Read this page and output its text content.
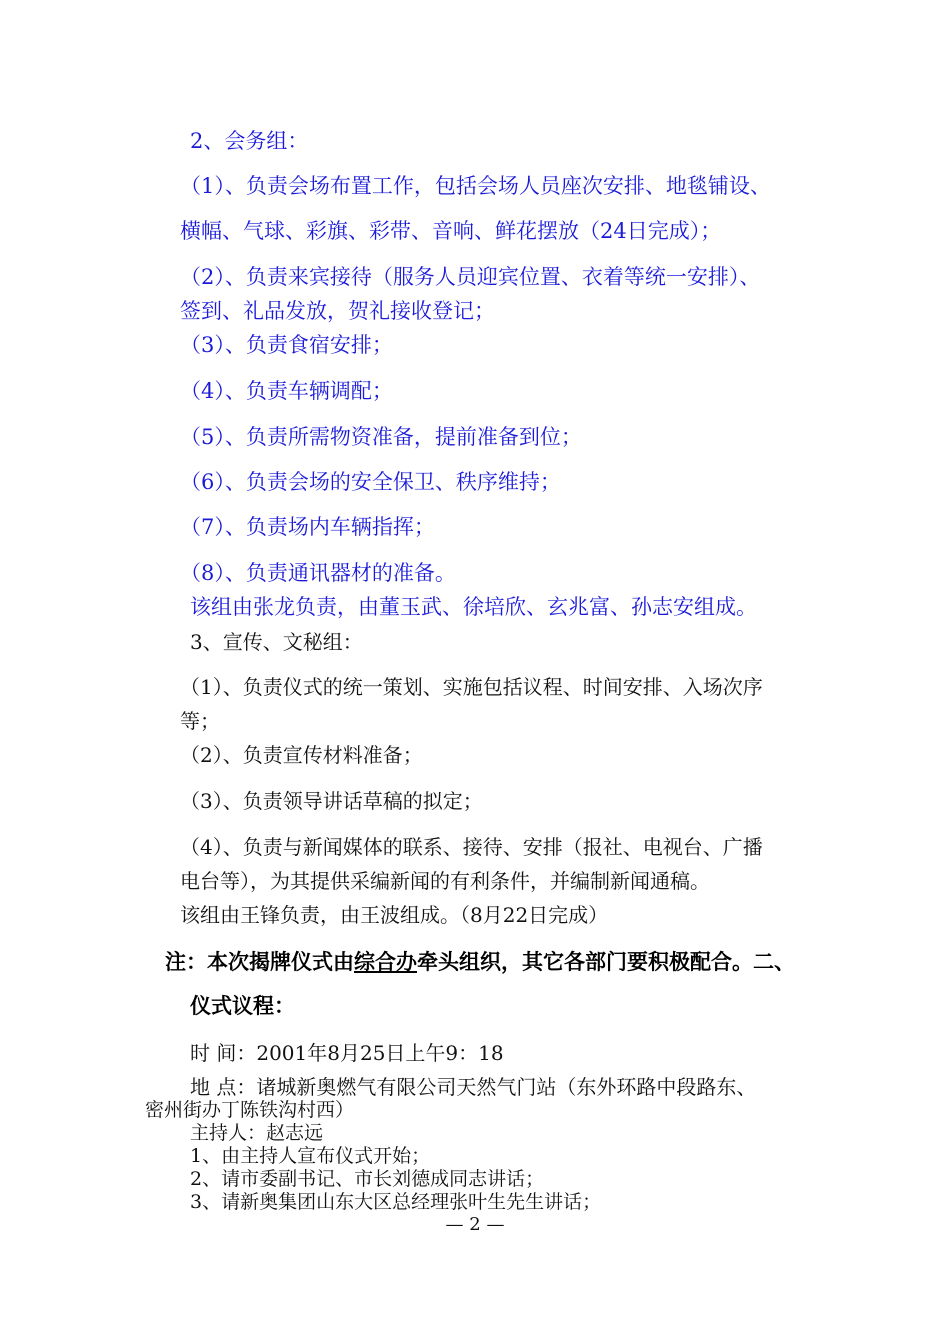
2、会务组：

（1）、负责会场布置工作，包括会场人员座次安排、地毯铺设、

横幅、气球、彩旗、彩带、音响、鲜花摆放（24日完成）；

（2）、负责来宾接待（服务人员迎宾位置、衣着等统一安排）、

签到、礼品发放，贺礼接收登记；

（3）、负责食宿安排；

（4）、负责车辆调配；

（5）、负责所需物资准备，提前准备到位；

（6）、负责会场的安全保卫、秩序维持；

（7）、负责场内车辆指挥；

（8）、负责通讯器材的准备。

该组由张龙负责，由董玉武、徐培欣、玄兆富、孙志安组成。

3、宣传、文秘组：

（1）、负责仪式的统一策划、实施包括议程、时间安排、入场次序

等；

（2）、负责宣传材料准备；

（3）、负责领导讲话草稿的拟定；

（4）、负责与新闻媒体的联系、接待、安排（报社、电视台、广播

电台等），为其提供采编新闻的有利条件，并编制新闻通稿。

该组由王锋负责，由王波组成。（8月22日完成）

注：本次揭牌仪式由综合办牵头组织，其它各部门要积极配合。二、

仪式议程：

时 间：2001年8月25日上午9：18

地 点：诸城新奥燃气有限公司天然气门站（东外环路中段路东、

密州街办丁陈铁沟村西）

主持人：赵志远

1、由主持人宣布仪式开始；

2、请市委副书记、市长刘德成同志讲话；

3、请新奥集团山东大区总经理张叶生先生讲话；

— 2 —
